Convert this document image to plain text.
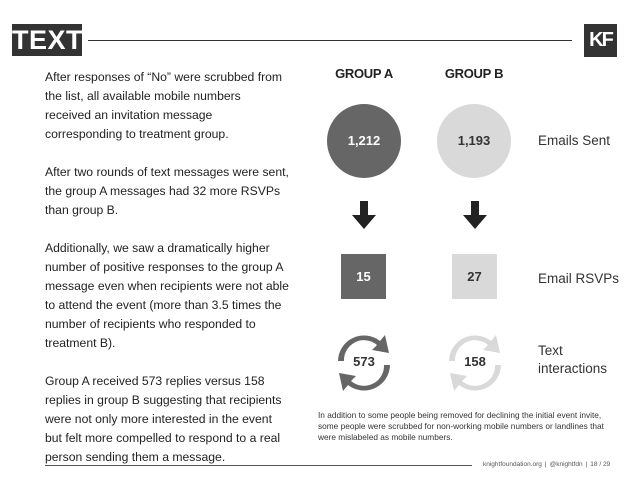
TEXT	KF

After responses of “No” were scrubbed from the list, all available mobile numbers received an invitation message corresponding to treatment group.

After two rounds of text messages were sent, the group A messages had 32 more RSVPs than group B.

Additionally, we saw a dramatically higher number of positive responses to the group A message even when recipients were not able to attend the event (more than 3.5 times the number of recipients who responded to treatment B).

Group A received 573 replies versus 158 replies in group B suggesting that recipients were not only more interested in the event but felt more compelled to respond to a real person sending them a message.

GROUP A
1,212
15
573
GROUP B
1,193
27
158
Emails Sent
Email RSVPs
Text
interactions
In addition to some people being removed for declining the initial event invite, some people were scrubbed for non-working mobile numbers or landlines that were mislabeled as mobile numbers.
knightfoundation.org | @knightfdn | 18 / 29
